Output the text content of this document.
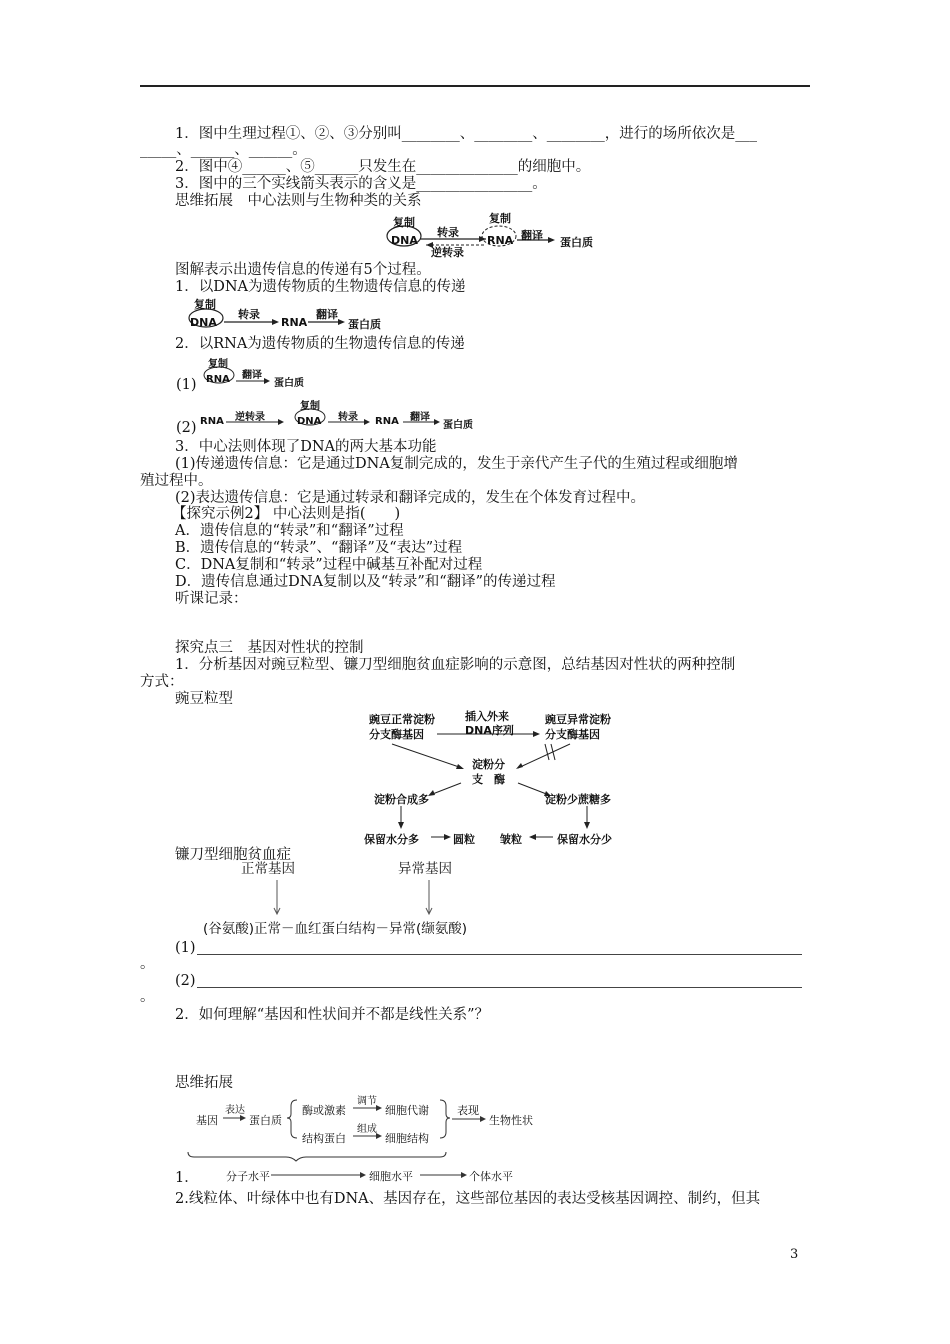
1．图中生理过程①、②、③分别叫________、________、________，进行的场所依次是___
_____、______、______。
2．图中④______、⑤______只发生在______________的细胞中。
3．图中的三个实线箭头表示的含义是________________。
思维拓展　中心法则与生物种类的关系
复制
DNA
转录
逆转录
复制
RNA 翻译
蛋白质
图解表示出遗传信息的传递有5个过程。
1．以DNA为遗传物质的生物遗传信息的传递
复制
DNA
转录
RNA
翻译
蛋白质
2．以RNA为遗传物质的生物遗传信息的传递
(1)
复制
RNA 翻译
蛋白质
(2) RNA 逆转录
复制
DNA 转录 RNA 翻译
蛋白质
3．中心法则体现了DNA的两大基本功能
(1)传递遗传信息：它是通过DNA复制完成的，发生于亲代产生子代的生殖过程或细胞增
殖过程中。
(2)表达遗传信息：它是通过转录和翻译完成的，发生在个体发育过程中。
【探究示例2】 中心法则是指(　　)
A．遗传信息的“转录”和“翻译”过程
B．遗传信息的“转录”、“翻译”及“表达”过程
C．DNA复制和“转录”过程中碱基互补配对过程
D．遗传信息通过DNA复制以及“转录”和“翻译”的传递过程
听课记录：
探究点三　基因对性状的控制
1．分析基因对豌豆粒型、镰刀型细胞贫血症影响的示意图，总结基因对性状的两种控制
方式：
豌豆粒型
豌豆正常淀粉
分支酶基因
插入外来
DNA序列
豌豆异常淀粉
分支酶基因
淀粉分
支　酶
淀粉合成多	淀粉少蔗糖多
保留水分多	圆粒 皱粒	保留水分少
镰刀型细胞贫血症
正常基因	异常基因
(谷氨酸)正常－血红蛋白结构－异常(缬氨酸)
(1)
。
(2)
。
2．如何理解“基因和性状间并不都是线性关系”？
思维拓展
基因
表达
蛋白质
酶或激素
调节
细胞代谢	表现
生物性状
结构蛋白
组成
细胞结构
1． 分子水平	细胞水平	个体水平
2.线粒体、叶绿体中也有DNA、基因存在，这些部位基因的表达受核基因调控、制约，但其
3
